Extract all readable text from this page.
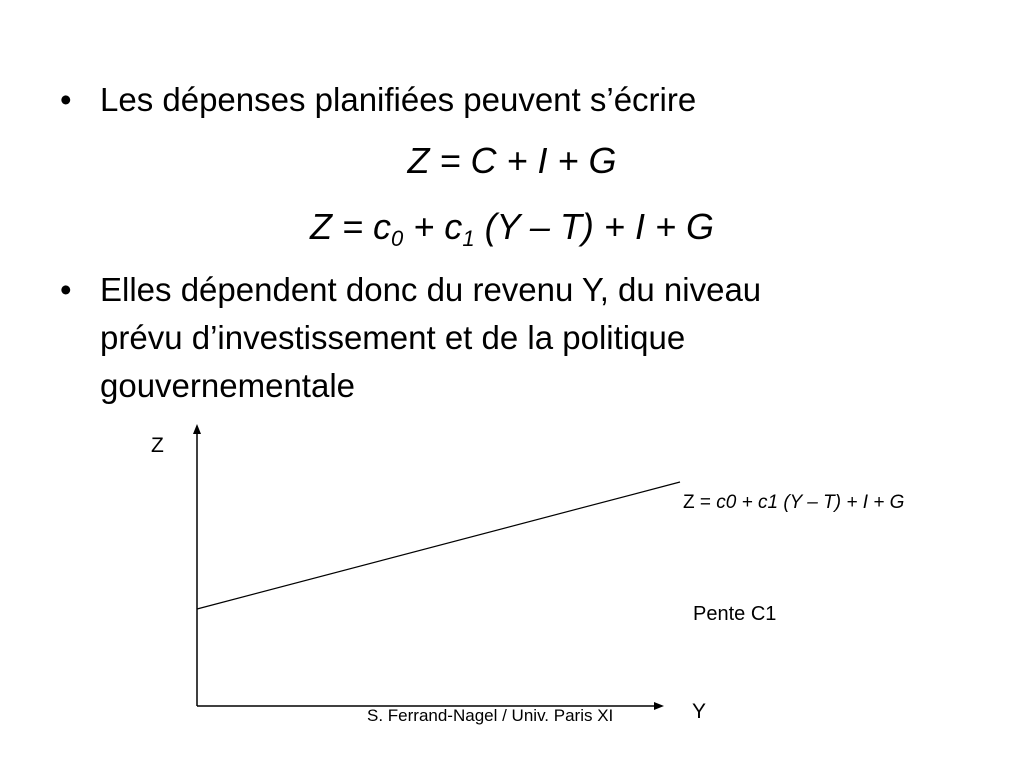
• Les dépenses planifiées peuvent s’écrire
Z = C + I + G
$Z = c_0 + c_1$ (Y – T) + I + G
• Elles dépendent donc du revenu Y, du niveau
prévu d’investissement et de la politique
gouvernementale
Z
Y
Z = c0 + c1 (Y – T) + I + G
Pente C1
S. Ferrand-Nagel / Univ. Paris XI
